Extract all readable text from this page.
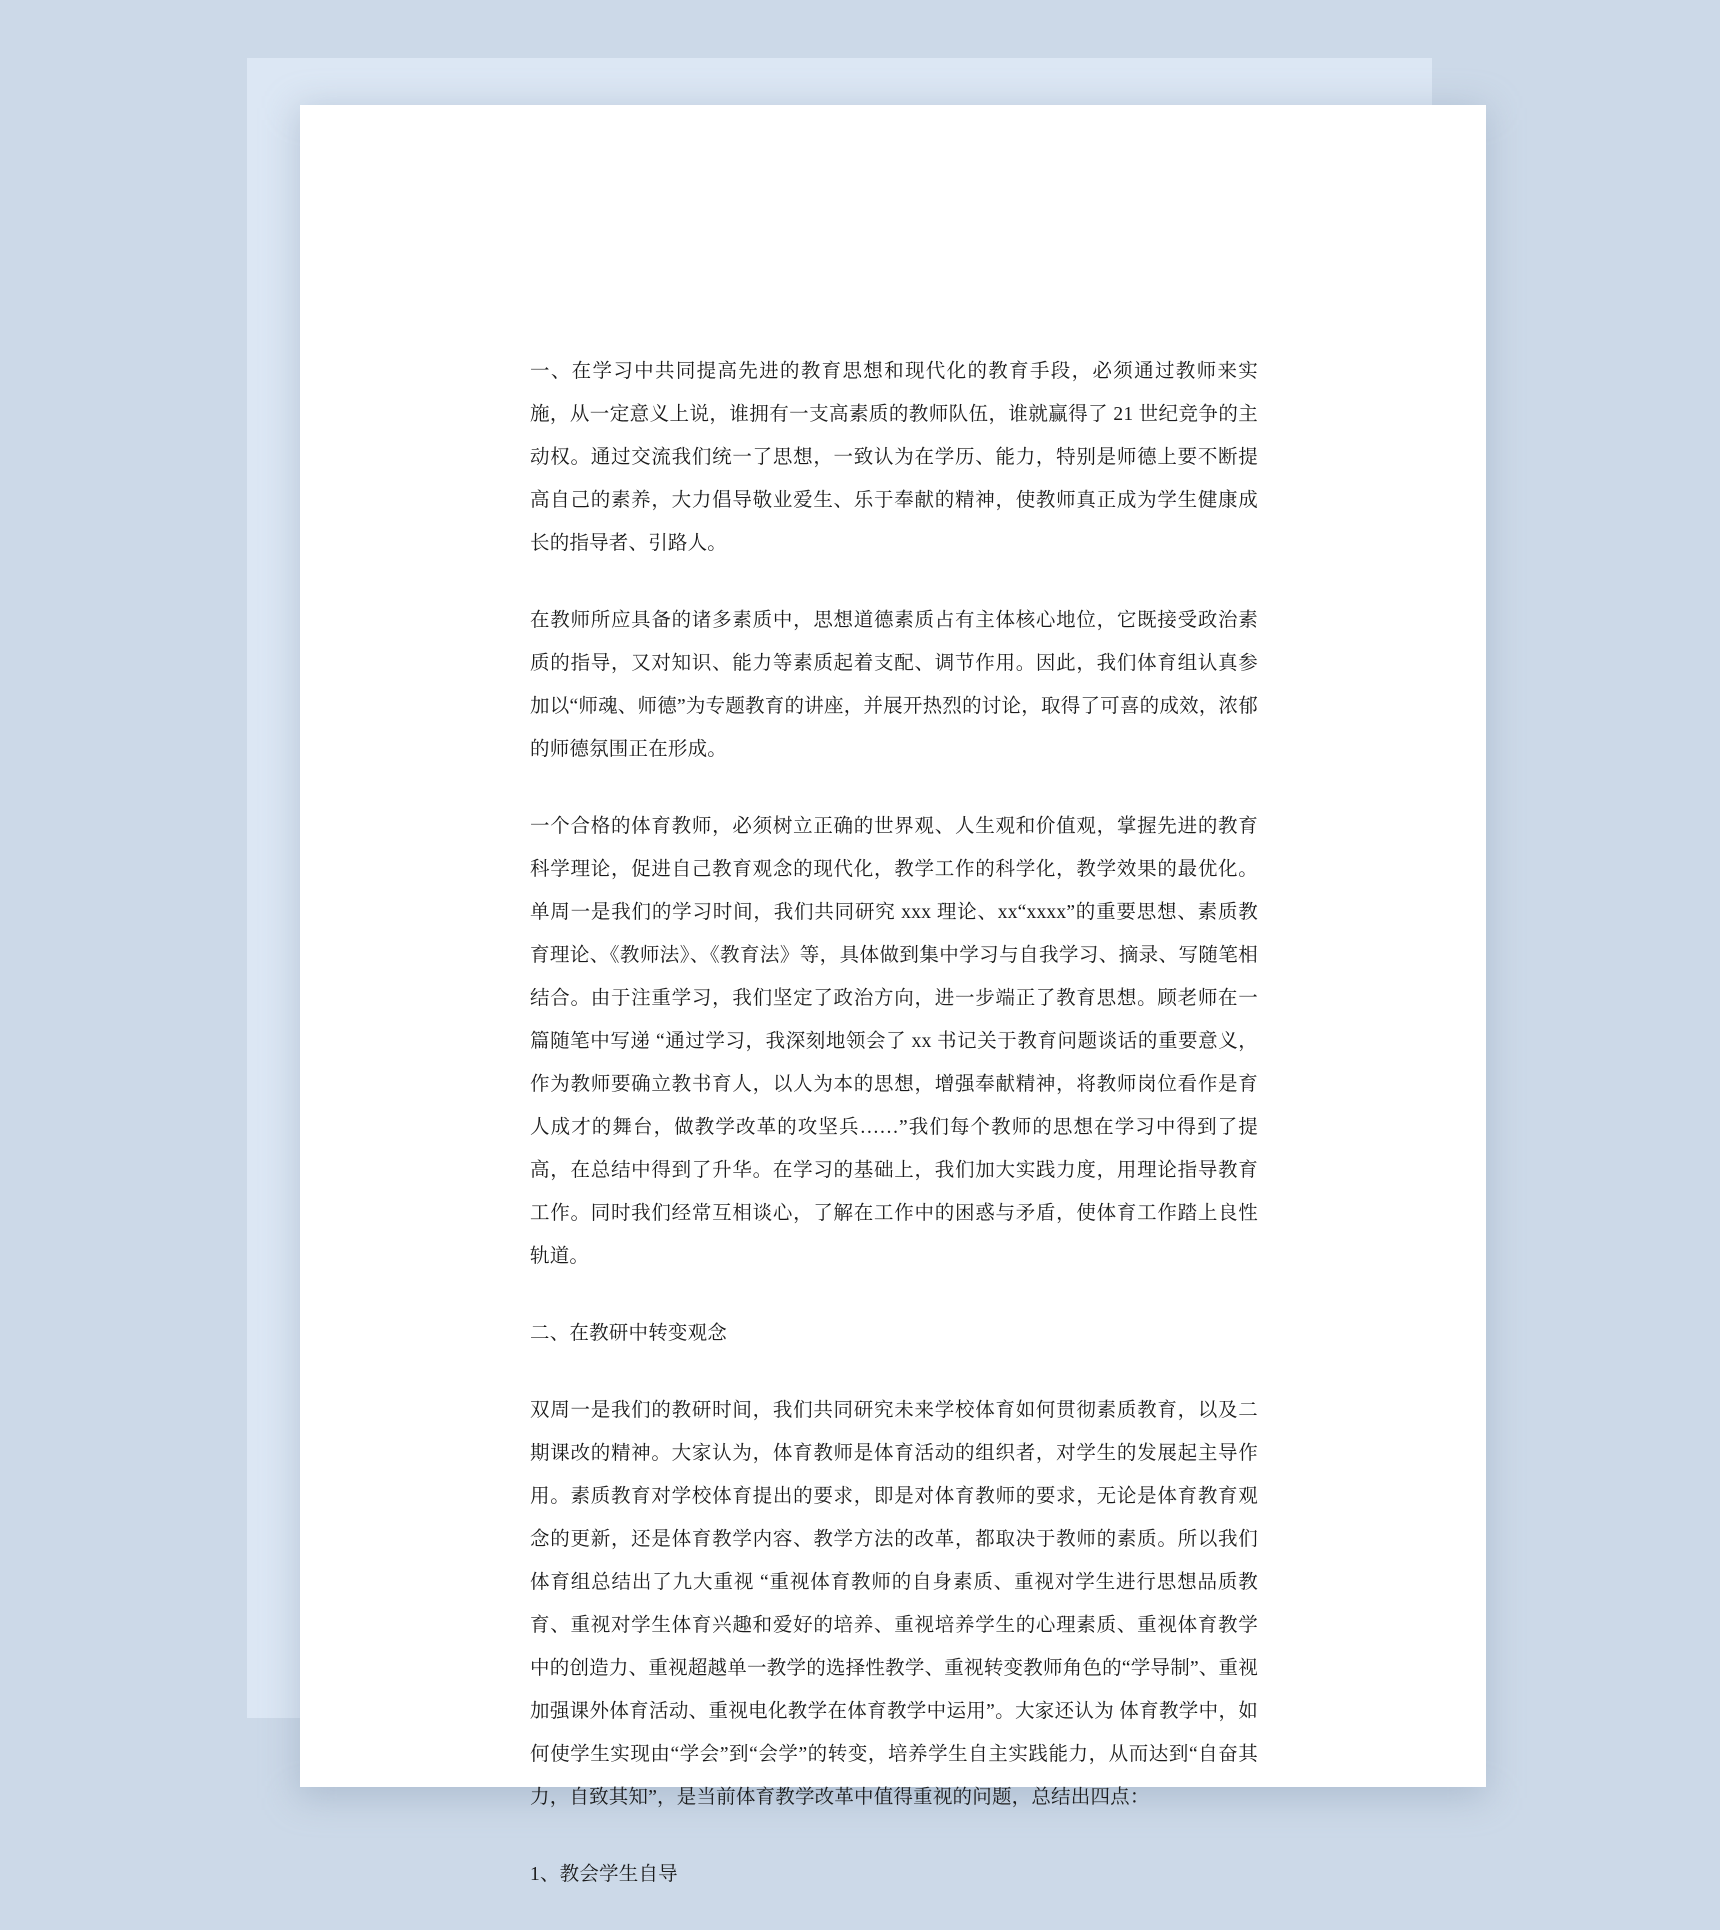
一、在学习中共同提高先进的教育思想和现代化的教育手段，必须通过教师来实施，从一定意义上说，谁拥有一支高素质的教师队伍，谁就赢得了 21 世纪竞争的主动权。通过交流我们统一了思想，一致认为在学历、能力，特别是师德上要不断提高自己的素养，大力倡导敬业爱生、乐于奉献的精神，使教师真正成为学生健康成长的指导者、引路人。

在教师所应具备的诸多素质中，思想道德素质占有主体核心地位，它既接受政治素质的指导，又对知识、能力等素质起着支配、调节作用。因此，我们体育组认真参加以“师魂、师德”为专题教育的讲座，并展开热烈的讨论，取得了可喜的成效，浓郁的师德氛围正在形成。

一个合格的体育教师，必须树立正确的世界观、人生观和价值观，掌握先进的教育科学理论，促进自己教育观念的现代化，教学工作的科学化，教学效果的最优化。单周一是我们的学习时间，我们共同研究 xxx 理论、xx“xxxx”的重要思想、素质教育理论、《教师法》、《教育法》等，具体做到集中学习与自我学习、摘录、写随笔相结合。由于注重学习，我们坚定了政治方向，进一步端正了教育思想。顾老师在一篇随笔中写递 “通过学习，我深刻地领会了 xx 书记关于教育问题谈话的重要意义，作为教师要确立教书育人，以人为本的思想，增强奉献精神，将教师岗位看作是育人成才的舞台，做教学改革的攻坚兵……”我们每个教师的思想在学习中得到了提高，在总结中得到了升华。在学习的基础上，我们加大实践力度，用理论指导教育工作。同时我们经常互相谈心，了解在工作中的困惑与矛盾，使体育工作踏上良性轨道。

二、在教研中转变观念

双周一是我们的教研时间，我们共同研究未来学校体育如何贯彻素质教育，以及二期课改的精神。大家认为，体育教师是体育活动的组织者，对学生的发展起主导作用。素质教育对学校体育提出的要求，即是对体育教师的要求，无论是体育教育观念的更新，还是体育教学内容、教学方法的改革，都取决于教师的素质。所以我们体育组总结出了九大重视 “重视体育教师的自身素质、重视对学生进行思想品质教育、重视对学生体育兴趣和爱好的培养、重视培养学生的心理素质、重视体育教学中的创造力、重视超越单一教学的选择性教学、重视转变教师角色的“学导制”、重视加强课外体育活动、重视电化教学在体育教学中运用”。大家还认为 体育教学中，如何使学生实现由“学会”到“会学”的转变，培养学生自主实践能力，从而达到“自奋其力，自致其知”，是当前体育教学改革中值得重视的问题，总结出四点：

1、教会学生自导
